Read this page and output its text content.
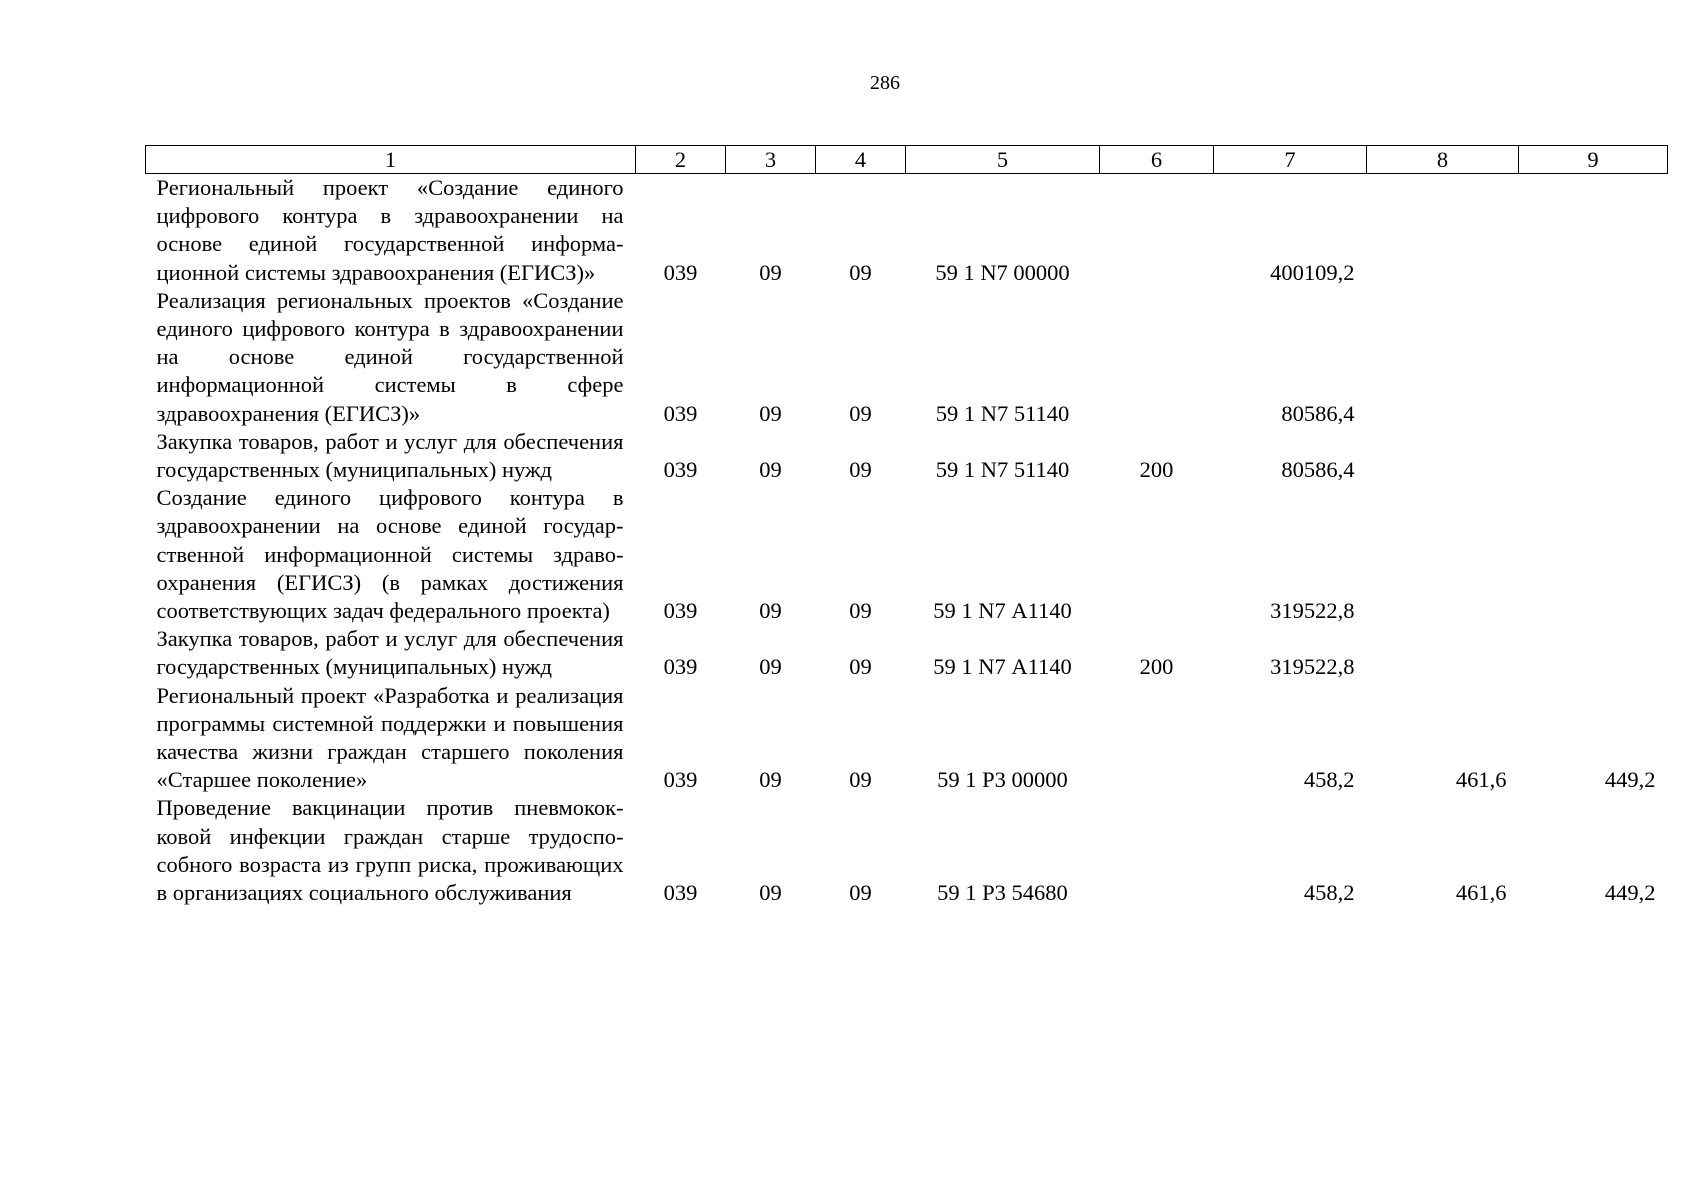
286
1	2	3	4	5	6	7	8	9
Региональный проект «Создание единого цифрового контура в здравоохранении на основе единой государственной информационной системы здравоохранения (ЕГИСЗ)»	039	09	09	59 1 N7 00000		400109,2		
Реализация региональных проектов «Создание единого цифрового контура в здравоохранении на основе единой государственной информационной системы в сфере здравоохранения (ЕГИСЗ)»	039	09	09	59 1 N7 51140		80586,4		
Закупка товаров, работ и услуг для обеспечения государственных (муниципальных) нужд	039	09	09	59 1 N7 51140	200	80586,4		
Создание единого цифрового контура в здравоохранении на основе единой государственной информационной системы здравоохранения (ЕГИСЗ) (в рамках достижения соответствующих задач федерального проекта)	039	09	09	59 1 N7 А1140		319522,8		
Закупка товаров, работ и услуг для обеспечения государственных (муниципальных) нужд	039	09	09	59 1 N7 А1140	200	319522,8		
Региональный проект «Разработка и реализация программы системной поддержки и повышения качества жизни граждан старшего поколения «Старшее поколение»	039	09	09	59 1 P3 00000		458,2	461,6	449,2
Проведение вакцинации против пневмококковой инфекции граждан старше трудоспособного возраста из групп риска, проживающих в организациях социального обслуживания	039	09	09	59 1 P3 54680		458,2	461,6	449,2
